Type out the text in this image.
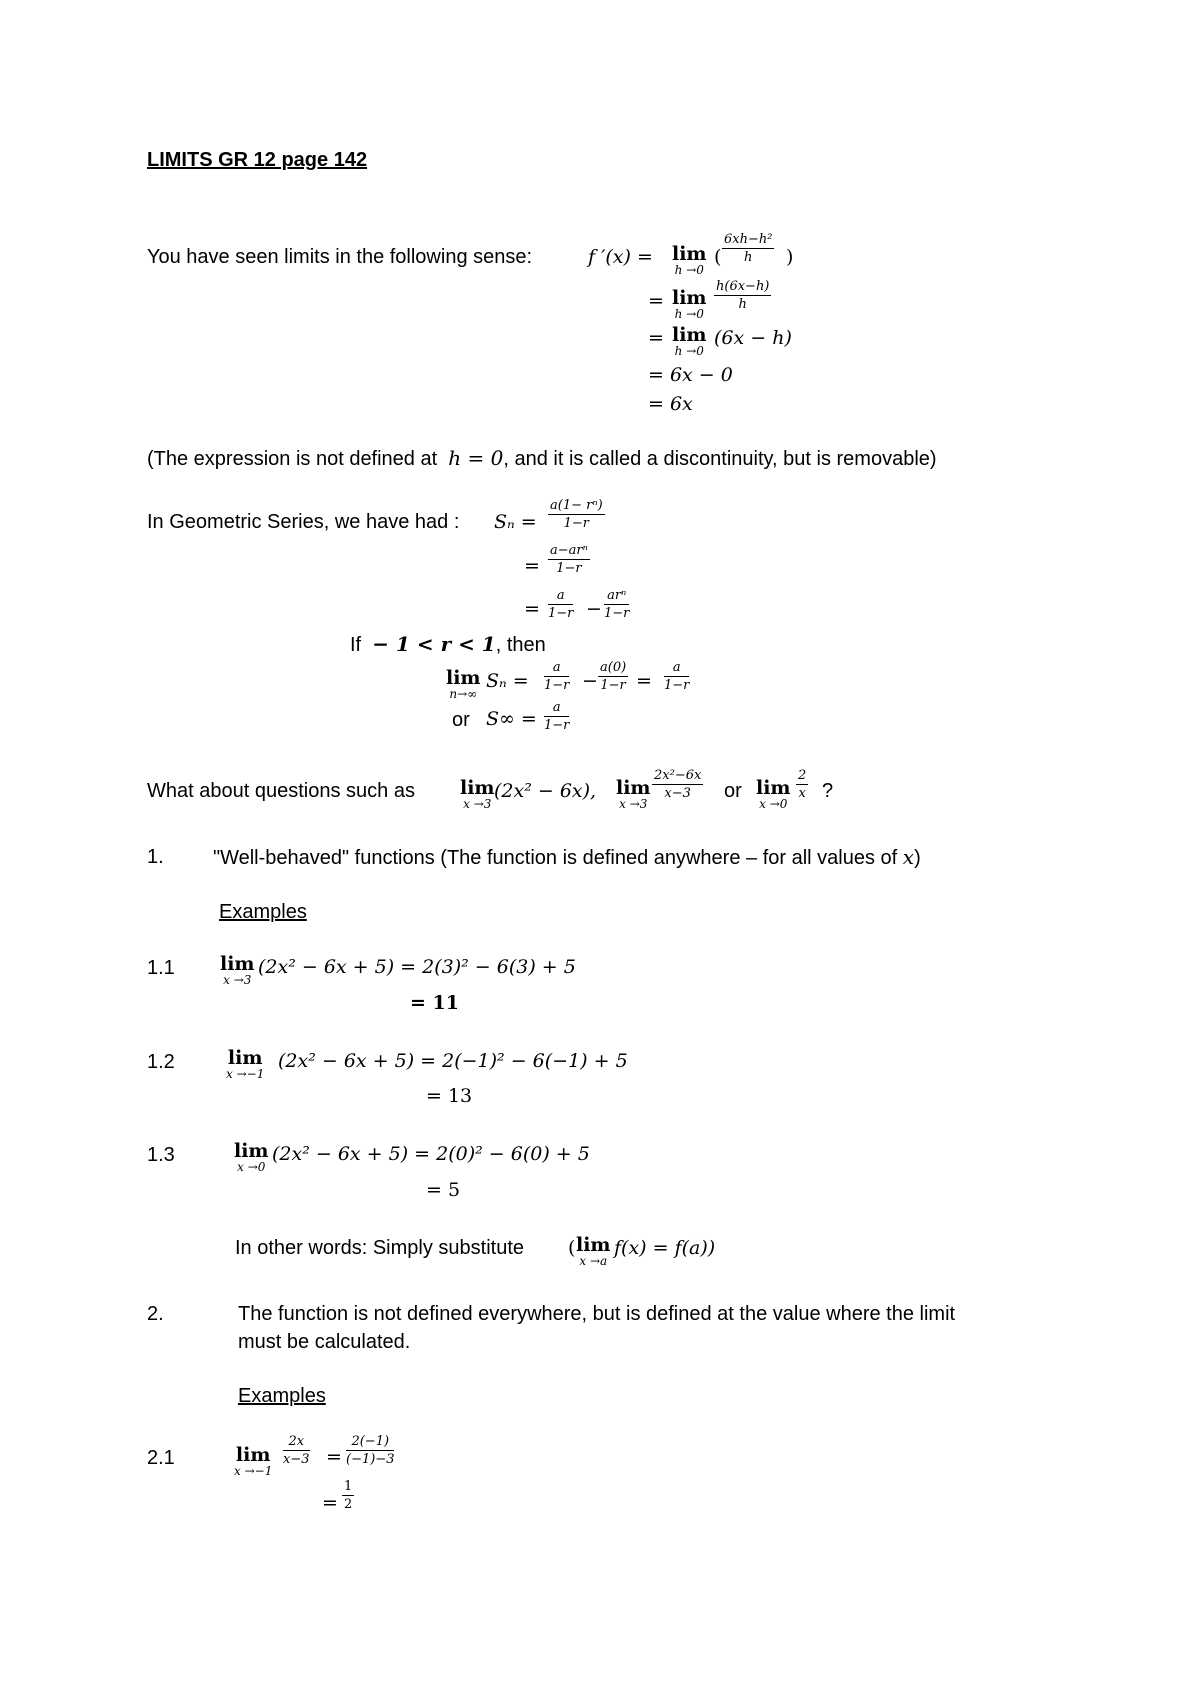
LIMITS GR 12 page 142
You have seen limits in the following sense:	f ′(x) = lim
h →0
( $\frac{\text{6xh−h²}}{h}$ )
= lim
h →0
$\frac{h(6x-h)}{h}$
= lim
h →0
(6x − h)
= 6x − 0
= 6x
(The expression is not defined at h = 0, and it is called a discontinuity, but is removable)
In Geometric Series, we have had : $S_n = \frac{\text{a(1− rⁿ)}}{1-r}$
=
a−arⁿ
1−r
= $\frac{a}{1-r}$ −
arⁿ
1−r
If − 1 < r < 1, then
lim
n→∞
$S_n = \frac{a}{1-r} - \frac{a(0)}{1-r} = \frac{a}{1-r}$
or $S\infty = \frac{a}{1-r}$
What about questions such as lim
x →3
(2x² − 6x), lim
x →3
$\frac{\text{2x²−6x}}{x-3}$ or lim
x →0
$\frac{2}{x}$ ?
1. "Well-behaved" functions (The function is defined anywhere – for all values of x)
Examples
1.1 lim
x →3
(2x² − 6x + 5) = 2(3)² − 6(3) + 5
= 11
1.2	lim
x →−1
(2x² − 6x + 5) = 2(−1)² − 6(−1) + 5
= 13
1.3	lim
x →0
(2x² − 6x + 5) = 2(0)² − 6(0) + 5
= 5
In other words: Simply substitute ( lim
x →a
f(x) = f(a))
2.	The function is not defined everywhere, but is defined at the value where the limit
must be calculated.
Examples
2.1	lim
x →−1
$\frac{2x}{x-3} = \frac{2(-1)}{(-1)-3}$
= $\frac{1}{2}$
